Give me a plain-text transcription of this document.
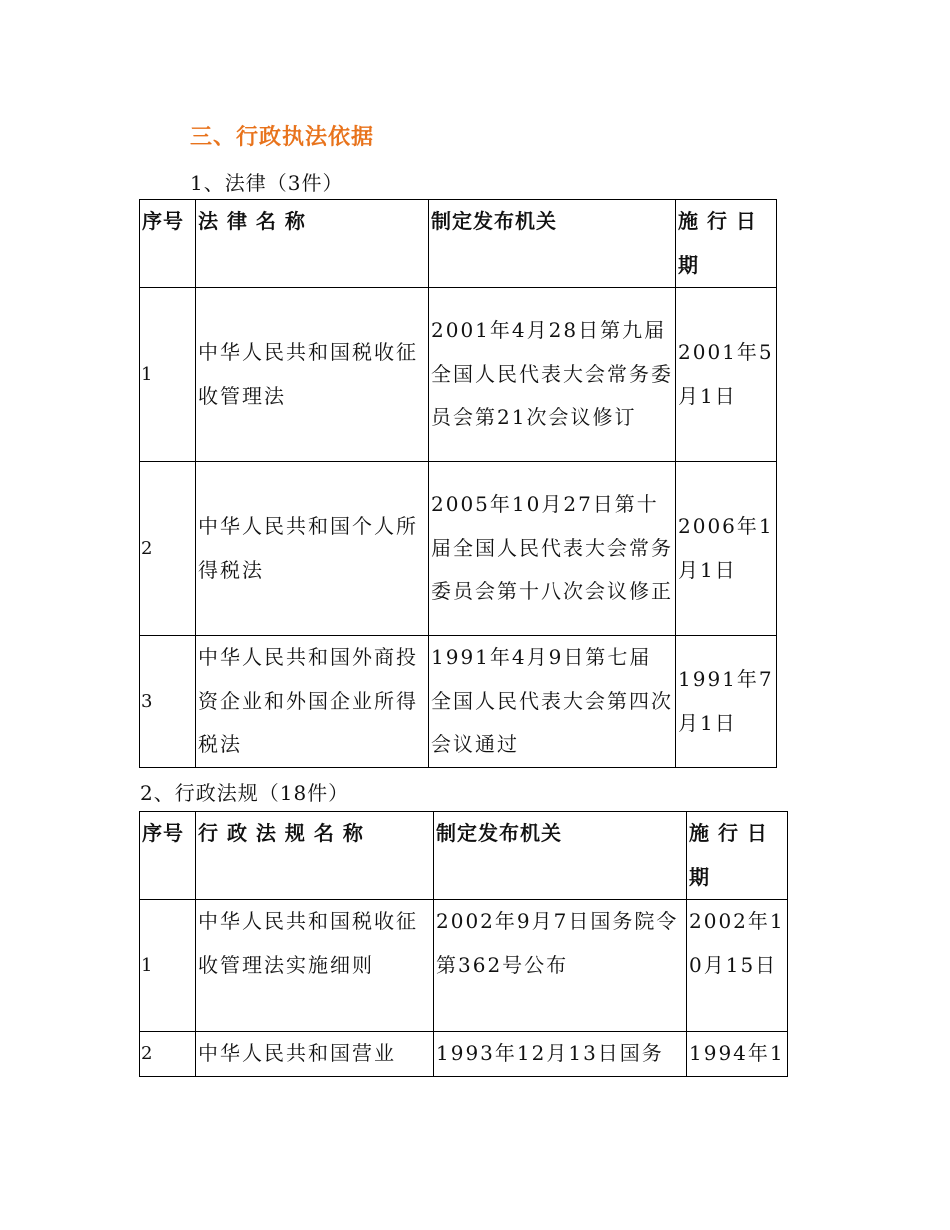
三、行政执法依据
1、法律（3件）
序号	法 律 名 称	制定发布机关	施 行 日期
1	中华人民共和国税收征收管理法	2001年4月28日第九届全国人民代表大会常务委员会第21次会议修订	2001年5月1日
2	中华人民共和国个人所得税法	2005年10月27日第十届全国人民代表大会常务委员会第十八次会议修正	2006年1月1日
3	中华人民共和国外商投资企业和外国企业所得税法	1991年4月9日第七届全国人民代表大会第四次会议通过	1991年7月1日
2、行政法规（18件）
序号	行 政 法 规 名 称	制定发布机关	施 行 日期
1	中华人民共和国税收征收管理法实施细则	2002年9月7日国务院令第362号公布	2002年10月15日
2	中华人民共和国营业	1993年12月13日国务	1994年1
